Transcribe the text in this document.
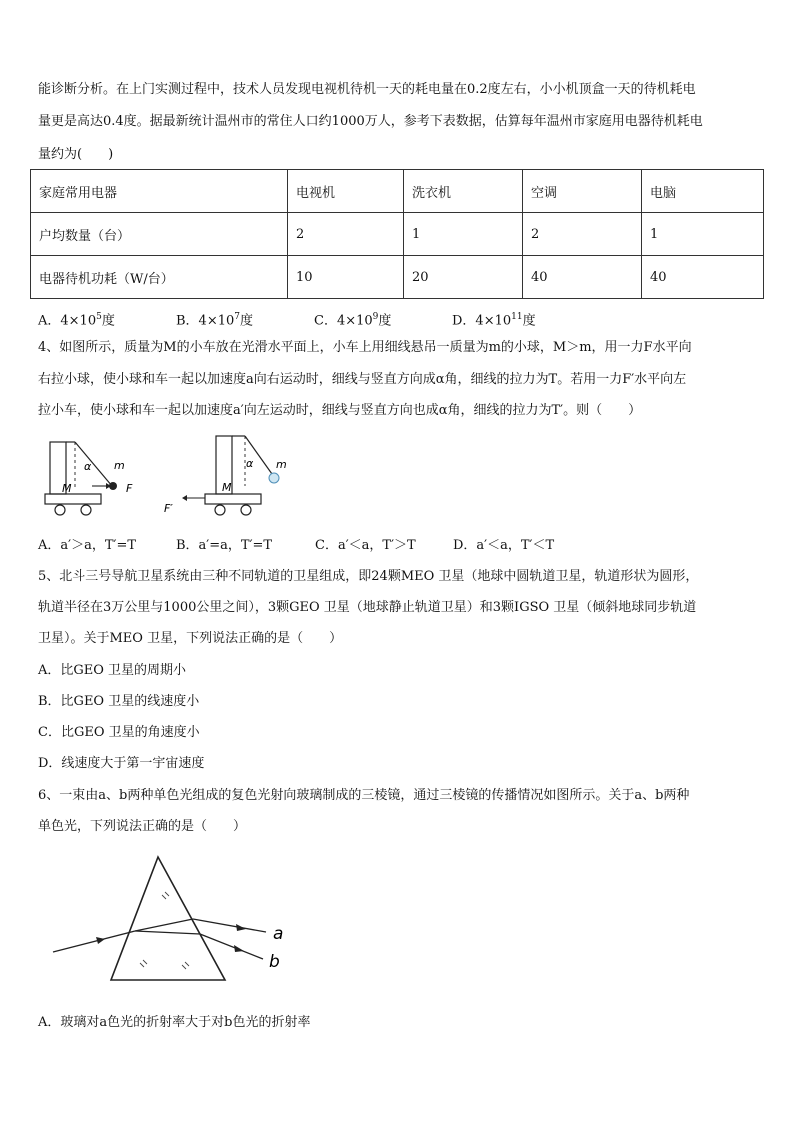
能诊断分析。在上门实测过程中，技术人员发现电视机待机一天的耗电量在0.2度左右，小小机顶盒一天的待机耗电
量更是高达0.4度。据最新统计温州市的常住人口约1000万人，参考下表数据，估算每年温州市家庭用电器待机耗电
量约为(　　)
家庭常用电器	电视机	洗衣机	空调	电脑
户均数量（台）	2	1	2	1
电器待机功耗（W/台）	10	20	40	40
A．$4\times 10^5$度	B．$4\times 10^7$度	C．$4\times 10^9$度	D．$4\times 10^{11}$度
4、如图所示，质量为M的小车放在光滑水平面上，小车上用细线悬吊一质量为m的小球，M＞m，用一力F水平向
右拉小球，使小球和车一起以加速度a向右运动时，细线与竖直方向成α角，细线的拉力为T。若用一力F′水平向左
拉小车，使小球和车一起以加速度a′向左运动时，细线与竖直方向也成α角，细线的拉力为T′。则（　　）
α m
M	F
α m
M
F′
A．a′＞a，T′=T	B．a′=a，T′=T	C．a′＜a，T′＞T	D．a′＜a，T′＜T
5、北斗三号导航卫星系统由三种不同轨道的卫星组成，即24颗MEO 卫星（地球中圆轨道卫星，轨道形状为圆形，
轨道半径在3万公里与1000公里之间），3颗GEO 卫星（地球静止轨道卫星）和3颗IGSO 卫星（倾斜地球同步轨道
卫星）。关于MEO 卫星，下列说法正确的是（　　）
A．比GEO 卫星的周期小
B．比GEO 卫星的线速度小
C．比GEO 卫星的角速度小
D．线速度大于第一宇宙速度
6、一束由a、b两种单色光组成的复色光射向玻璃制成的三棱镜，通过三棱镜的传播情况如图所示。关于a、b两种
单色光，下列说法正确的是（　　）
a
b
A．玻璃对a色光的折射率大于对b色光的折射率
